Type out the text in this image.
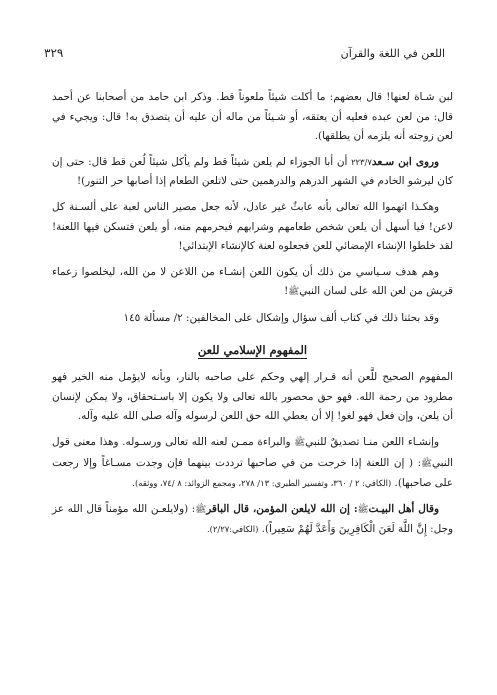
اللعن في اللغة والقرآن
٣٢٩

لبن شـاة لعنها! قال بعضهم: ما أكلت شيئاً ملعوناً قط. وذكر ابن حامد من أصحابنا عن أحمد قال: من لعن عبده فعليه أن يعتقه، أو شـيئاً من ماله أن عليه أن يتصدق به! قال: ويجيء في لعن زوجته أنه يلزمه أن يطلقها).

وروى ابن سـعد٢٢٣/٧ أن أبا الجوزاء لم يلعن شيئاً قط ولم يأكل شيئاً لُعن قط قال: حتى إن كان ليرشو الخادم في الشهر الدرهم والدرهمين حتى لاتلعن الطعام إذا أصابها حر التنور)!

وهكـذا اتهموا الله تعالى بأنه عابثٌ غير عادل، لأنه جعل مصير الناس لعبة على ألسـنة كل لاعن! فيا أسهل أن يلعن شخص طعامهم وشرابهم فيحرمهم منه، أو يلعن فتسكن فيها اللعنة! لقد خلطوا الإنشاء الإمضائي للعن فجعلوه لعنة كالإنشاء الإبتدائي!

وهم هدف سـياسي من ذلك أن يكون اللعن إنشـاء من اللاعن لا من الله، ليخلصوا زعماء قريش من لعن الله على لسان النبيﷺ!

وقد بحثنا ذلك في كتاب ألف سؤال وإشكال على المخالفين: ٢/ مسألة ١٤٥

المفهوم الإسلامي للعن

المفهوم الصحيح للَّعن أنه قـرار إلهي وحكم على صاحبه بالنار، وبأنه لايؤمل منه الخير فهو مطرود من رحمة الله. فهو حق محصور بالله تعالى ولا يكون إلا باسـتحقاق، ولا يمكن لإنسان أن يلعن، وإن فعل فهو لغو! إلا أن يعطي الله حق اللعن لرسوله وآله صلى الله عليه وآله.

وإنشـاء اللعن منـا تصديقٌ للنبيﷺ والبراءة ممـن لعنه الله تعالى ورسـوله. وهذا معنى قول النبيﷺ: ( إن اللعنة إذا خرجت من في صاحبها ترددت بينهما فإن وجدت مسـاغاً وإلا رجعت على صاحبها). (الكافي: ٢ / ٣٦٠، وتفسير الطبري: ١٣/ ٢٧٨، ومجمع الزوائد: ٨ /٧٤، ووثقه).

وقال أهل البيـتﷺ: إن الله لايلعن المؤمن، قال الباقرﷺ: (ولايلعـن الله مؤمناً قال الله عز وجل: إِنَّ اللَّهَ لَعَنَ الْكَافِرِينَ وَأَعَدَّ لَهُمْ سَعِيراً). (الكافي:٢/٢٧).
